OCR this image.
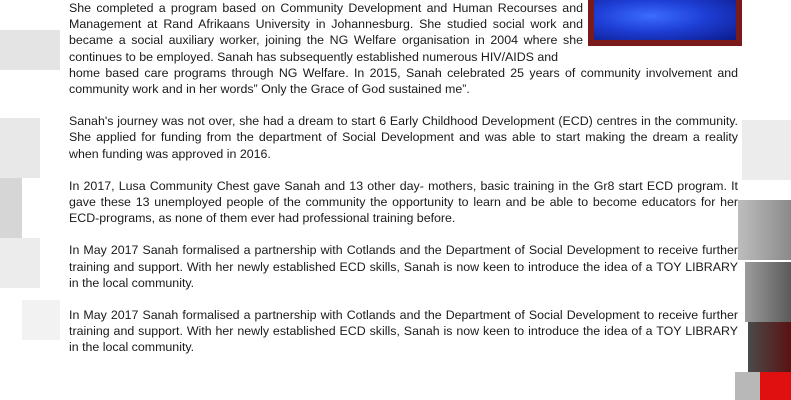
She completed a program based on Community Development and Human Recourses and Management at Rand Afrikaans University in Johannesburg. She studied social work and became a social auxiliary worker, joining the NG Welfare organisation in 2004 where she continues to be employed. Sanah has subsequently established numerous HIV/AIDS and

home based care programs through NG Welfare. In 2015, Sanah celebrated 25 years of community involvement and community work and in her words” Only the Grace of God sustained me”.

Sanah's journey was not over, she had a dream to start 6 Early Childhood Development (ECD) centres in the community. She applied for funding from the department of Social Development and was able to start making the dream a reality when funding was approved in 2016.

In 2017, Lusa Community Chest gave Sanah and 13 other day- mothers, basic training in the Gr8 start ECD program. It gave these 13 unemployed people of the community the opportunity to learn and be able to become educators for her ECD-programs, as none of them ever had professional training before.

In May 2017 Sanah formalised a partnership with Cotlands and the Department of Social Development to receive further training and support. With her newly established ECD skills, Sanah is now keen to introduce the idea of a TOY LIBRARY in the local community.

In May 2017 Sanah formalised a partnership with Cotlands and the Department of Social Development to receive further training and support. With her newly established ECD skills, Sanah is now keen to introduce the idea of a TOY LIBRARY in the local community.
